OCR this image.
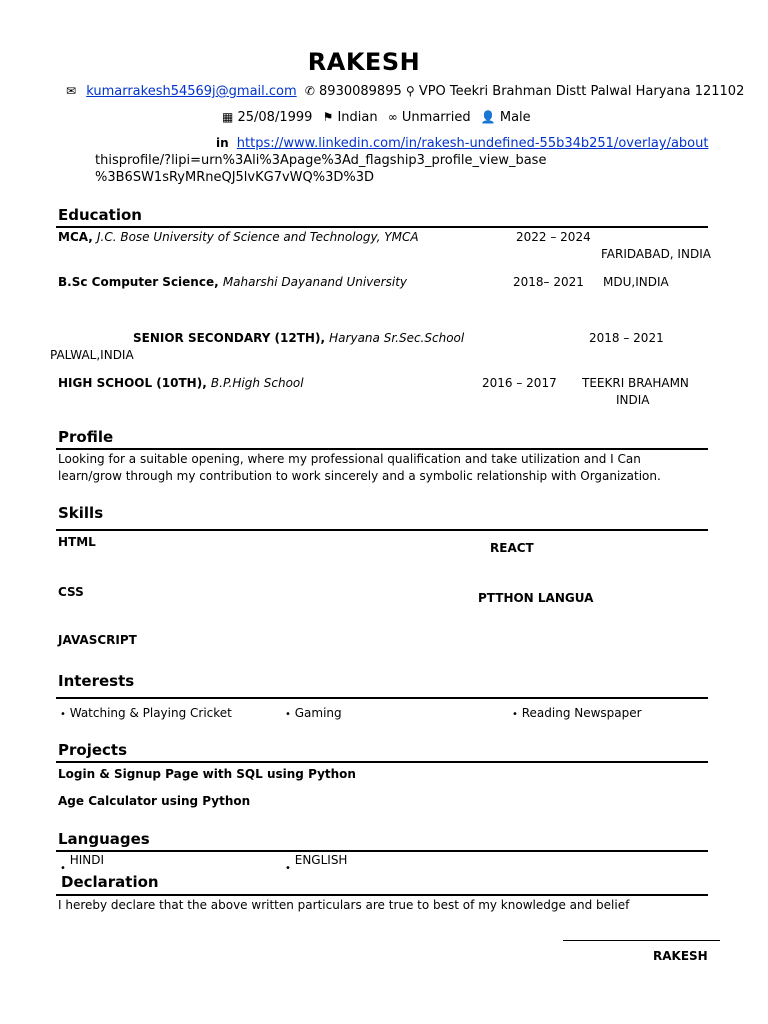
RAKESH
✉ kumarrakesh54569j@gmail.com ✆ 8930089895 ⚲ VPO Teekri Brahman Distt Palwal Haryana 121102
▦ 25/08/1999 ⚑ Indian ∞ Unmarried 👤 Male
in https://www.linkedin.com/in/rakesh-undefined-55b34b251/overlay/about
thisprofile/?lipi=urn%3Ali%3Apage%3Ad_flagship3_profile_view_base
%3B6SW1sRyMRneQJ5lvKG7vWQ%3D%3D
Education
MCA, J.C. Bose University of Science and Technology, YMCA	2022 – 2024
FARIDABAD, INDIA
B.Sc Computer Science, Maharshi Dayanand University	2018– 2021 MDU,INDIA
SENIOR SECONDARY (12TH), Haryana Sr.Sec.School	2018 – 2021
PALWAL,INDIA
HIGH SCHOOL (10TH), B.P.High School	2016 – 2017 TEEKRI BRAHAMN
INDIA
Profile
Looking for a suitable opening, where my professional qualification and take utilization and I Can
learn/grow through my contribution to work sincerely and a symbolic relationship with Organization.
Skills
HTML	REACT
CSS	PTTHON LANGUA
JAVASCRIPT
Interests
• Watching & Playing Cricket	• Gaming	• Reading Newspaper
Projects
Login & Signup Page with SQL using Python
Age Calculator using Python
Languages
$_•$ HINDI
$_•$ ENGLISH
Declaration
I hereby declare that the above written particulars are true to best of my knowledge and belief
RAKESH
